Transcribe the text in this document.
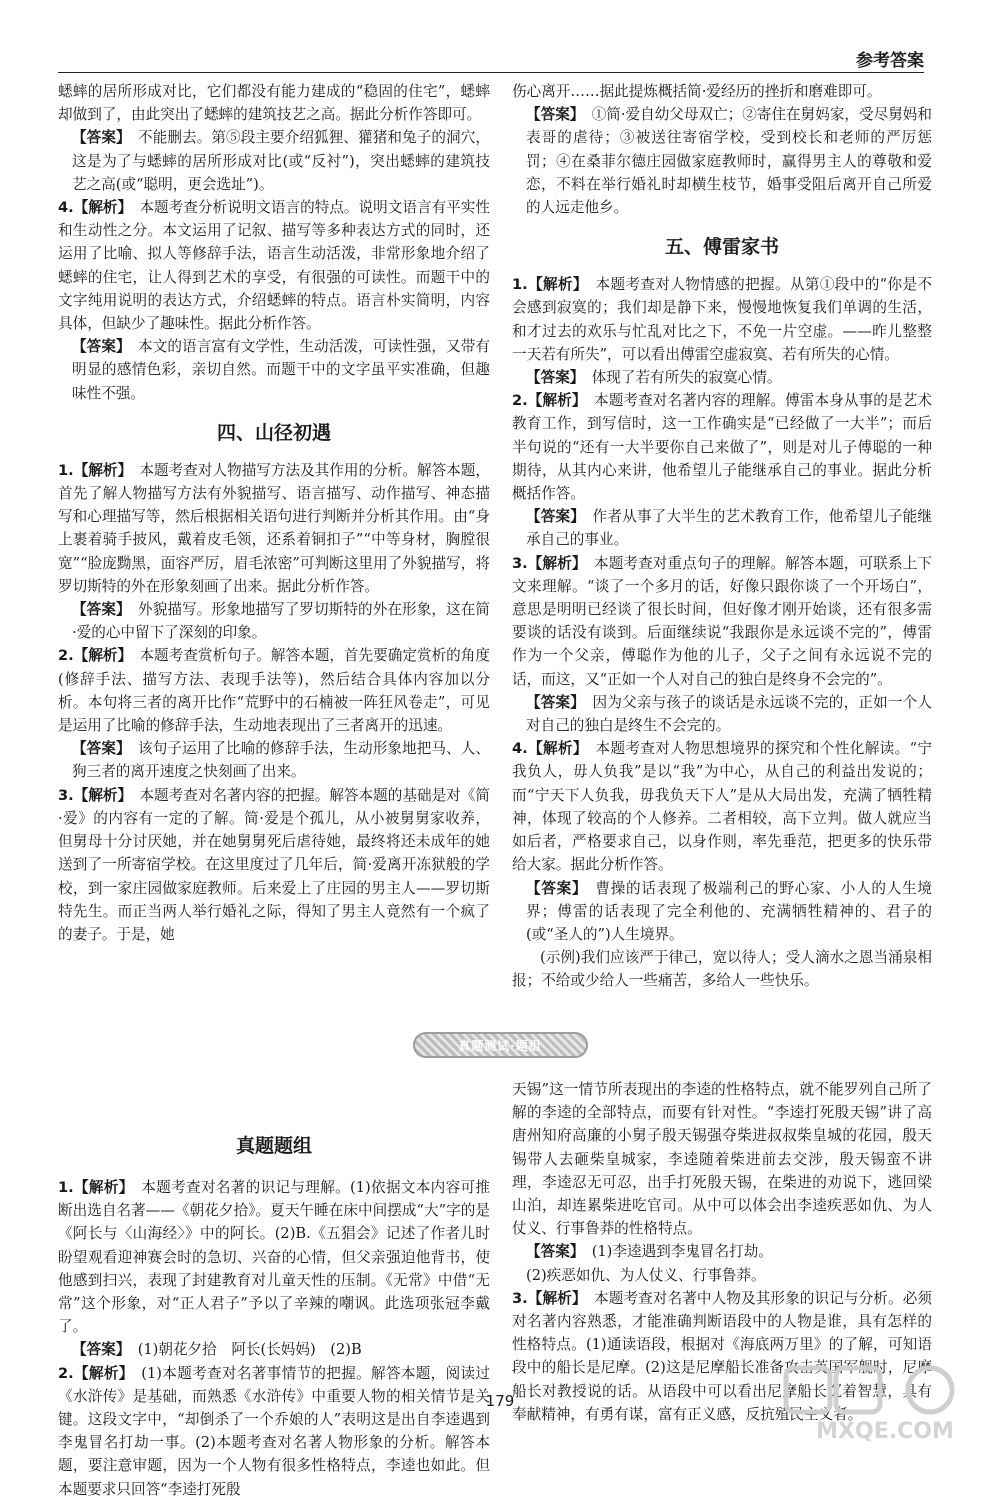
参考答案

蟋蟀的居所形成对比，它们都没有能力建成的“稳固的住宅”，蟋蟀却做到了，由此突出了蟋蟀的建筑技艺之高。据此分析作答即可。

【答案】　 不能删去。第⑤段主要介绍狐狸、獾猪和兔子的洞穴，这是为了与蟋蟀的居所形成对比(或“反衬”)，突出蟋蟀的建筑技艺之高(或“聪明，更会选址”)。

4.【解析】　 本题考查分析说明文语言的特点。说明文语言有平实性和生动性之分。本文运用了记叙、描写等多种表达方式的同时，还运用了比喻、拟人等修辞手法，语言生动活泼，非常形象地介绍了蟋蟀的住宅，让人得到艺术的享受，有很强的可读性。而题干中的文字纯用说明的表达方式，介绍蟋蟀的特点。语言朴实简明，内容具体，但缺少了趣味性。据此分析作答。

【答案】　 本文的语言富有文学性，生动活泼，可读性强，又带有明显的感情色彩，亲切自然。而题干中的文字虽平实准确，但趣味性不强。

四、山径初遇

1.【解析】　 本题考查对人物描写方法及其作用的分析。解答本题，首先了解人物描写方法有外貌描写、语言描写、动作描写、神态描写和心理描写等，然后根据相关语句进行判断并分析其作用。由“身上裹着骑手披风，戴着皮毛领，还系着铜扣子”“中等身材，胸膛很宽”“脸庞黝黑，面容严厉，眉毛浓密”可判断这里用了外貌描写，将罗切斯特的外在形象刻画了出来。据此分析作答。

【答案】　 外貌描写。形象地描写了罗切斯特的外在形象，这在简·爱的心中留下了深刻的印象。

2.【解析】　 本题考查赏析句子。解答本题，首先要确定赏析的角度(修辞手法、描写方法、表现手法等)，然后结合具体内容加以分析。本句将三者的离开比作“荒野中的石楠被一阵狂风卷走”，可见是运用了比喻的修辞手法，生动地表现出了三者离开的迅速。

【答案】　 该句子运用了比喻的修辞手法，生动形象地把马、人、狗三者的离开速度之快刻画了出来。

3.【解析】　 本题考查对名著内容的把握。解答本题的基础是对《简·爱》的内容有一定的了解。简·爱是个孤儿，从小被舅舅家收养，但舅母十分讨厌她，并在她舅舅死后虐待她，最终将还未成年的她送到了一所寄宿学校。在这里度过了几年后，简·爱离开冻狱般的学校，到一家庄园做家庭教师。后来爱上了庄园的男主人——罗切斯特先生。而正当两人举行婚礼之际，得知了男主人竟然有一个疯了的妻子。于是，她

伤心离开……据此提炼概括简·爱经历的挫折和磨难即可。

【答案】　 ①简·爱自幼父母双亡；②寄住在舅妈家，受尽舅妈和表哥的虐待；③被送往寄宿学校，受到校长和老师的严厉惩罚；④在桑菲尔德庄园做家庭教师时，赢得男主人的尊敬和爱恋，不料在举行婚礼时却横生枝节，婚事受阻后离开自己所爱的人远走他乡。

五、傅雷家书

1.【解析】　 本题考查对人物情感的把握。从第①段中的“你是不会感到寂寞的；我们却是静下来，慢慢地恢复我们单调的生活，和才过去的欢乐与忙乱对比之下，不免一片空虚。——昨儿整整一天若有所失”，可以看出傅雷空虚寂寞、若有所失的心情。

【答案】　 体现了若有所失的寂寞心情。

2.【解析】　 本题考查对名著内容的理解。傅雷本身从事的是艺术教育工作，到写信时，这一工作确实是“已经做了一大半”；而后半句说的“还有一大半要你自己来做了”，则是对儿子傅聪的一种期待，从其内心来讲，他希望儿子能继承自己的事业。据此分析概括作答。

【答案】　 作者从事了大半生的艺术教育工作，他希望儿子能继承自己的事业。

3.【解析】　 本题考查对重点句子的理解。解答本题，可联系上下文来理解。“谈了一个多月的话，好像只跟你谈了一个开场白”，意思是明明已经谈了很长时间，但好像才刚开始谈，还有很多需要谈的话没有谈到。后面继续说“我跟你是永远谈不完的”，傅雷作为一个父亲，傅聪作为他的儿子，父子之间有永远说不完的话，而这，又“正如一个人对自己的独白是终身不会完的”。

【答案】　 因为父亲与孩子的谈话是永远谈不完的，正如一个人对自己的独白是终生不会完的。

4.【解析】　 本题考查对人物思想境界的探究和个性化解读。“宁我负人，毋人负我”是以“我”为中心，从自己的利益出发说的；而“宁天下人负我，毋我负天下人”是从大局出发，充满了牺牲精神，体现了较高的个人修养。二者相较，高下立判。做人就应当如后者，严格要求自己，以身作则，率先垂范，把更多的快乐带给大家。据此分析作答。

【答案】　 曹操的话表现了极端利己的野心家、小人的人生境界；傅雷的话表现了完全利他的、充满牺牲精神的、君子的(或“圣人的”)人生境界。

(示例)我们应该严于律己，宽以待人；受人滴水之恩当涌泉相报；不给或少给人一些痛苦，多给人一些快乐。

真题测试·题组
真题题组

1.【解析】　 本题考查对名著的识记与理解。(1)依据文本内容可推断出选自名著——《朝花夕拾》。夏天午睡在床中间摆成“大”字的是《阿长与〈山海经〉》中的阿长。(2)B.《五猖会》记述了作者儿时盼望观看迎神赛会时的急切、兴奋的心情，但父亲强迫他背书，使他感到扫兴，表现了封建教育对儿童天性的压制。《无常》中借“无常”这个形象，对“正人君子”予以了辛辣的嘲讽。此选项张冠李戴了。

【答案】　 (1)朝花夕拾　阿长(长妈妈)　(2)B

2.【解析】　 (1)本题考查对名著事情节的把握。解答本题，阅读过《水浒传》是基础，而熟悉《水浒传》中重要人物的相关情节是关键。这段文字中，“却倒杀了一个乔娘的人”表明这是出自李逵遇到李鬼冒名打劫一事。(2)本题考查对名著人物形象的分析。解答本题，要注意审题，因为一个人物有很多性格特点，李逵也如此。但本题要求只回答“李逵打死殷

天锡”这一情节所表现出的李逵的性格特点，就不能罗列自己所了解的李逵的全部特点，而要有针对性。“李逵打死殷天锡”讲了高唐州知府高廉的小舅子殷天锡强夺柴进叔叔柴皇城的花园，殷天锡带人去砸柴皇城家，李逵随着柴进前去交涉，殷天锡蛮不讲理，李逵忍无可忍，出手打死殷天锡，在柴进的劝说下，逃回梁山泊，却连累柴进吃官司。从中可以体会出李逵疾恶如仇、为人仗义、行事鲁莽的性格特点。

【答案】　 (1)李逵遇到李鬼冒名打劫。

(2)疾恶如仇、为人仗义、行事鲁莽。

3.【解析】　 本题考查对名著中人物及其形象的识记与分析。必须对名著内容熟悉，才能准确判断语段中的人物是谁，具有怎样的性格特点。(1)通读语段，根据对《海底两万里》的了解，可知语段中的船长是尼摩。(2)这是尼摩船长准备攻击英国军舰时，尼摩船长对教授说的话。从语段中可以看出尼摩船长沉着智慧，具有奉献精神，有勇有谋，富有正义感，反抗殖民主义者。

179
MXQE.COM
